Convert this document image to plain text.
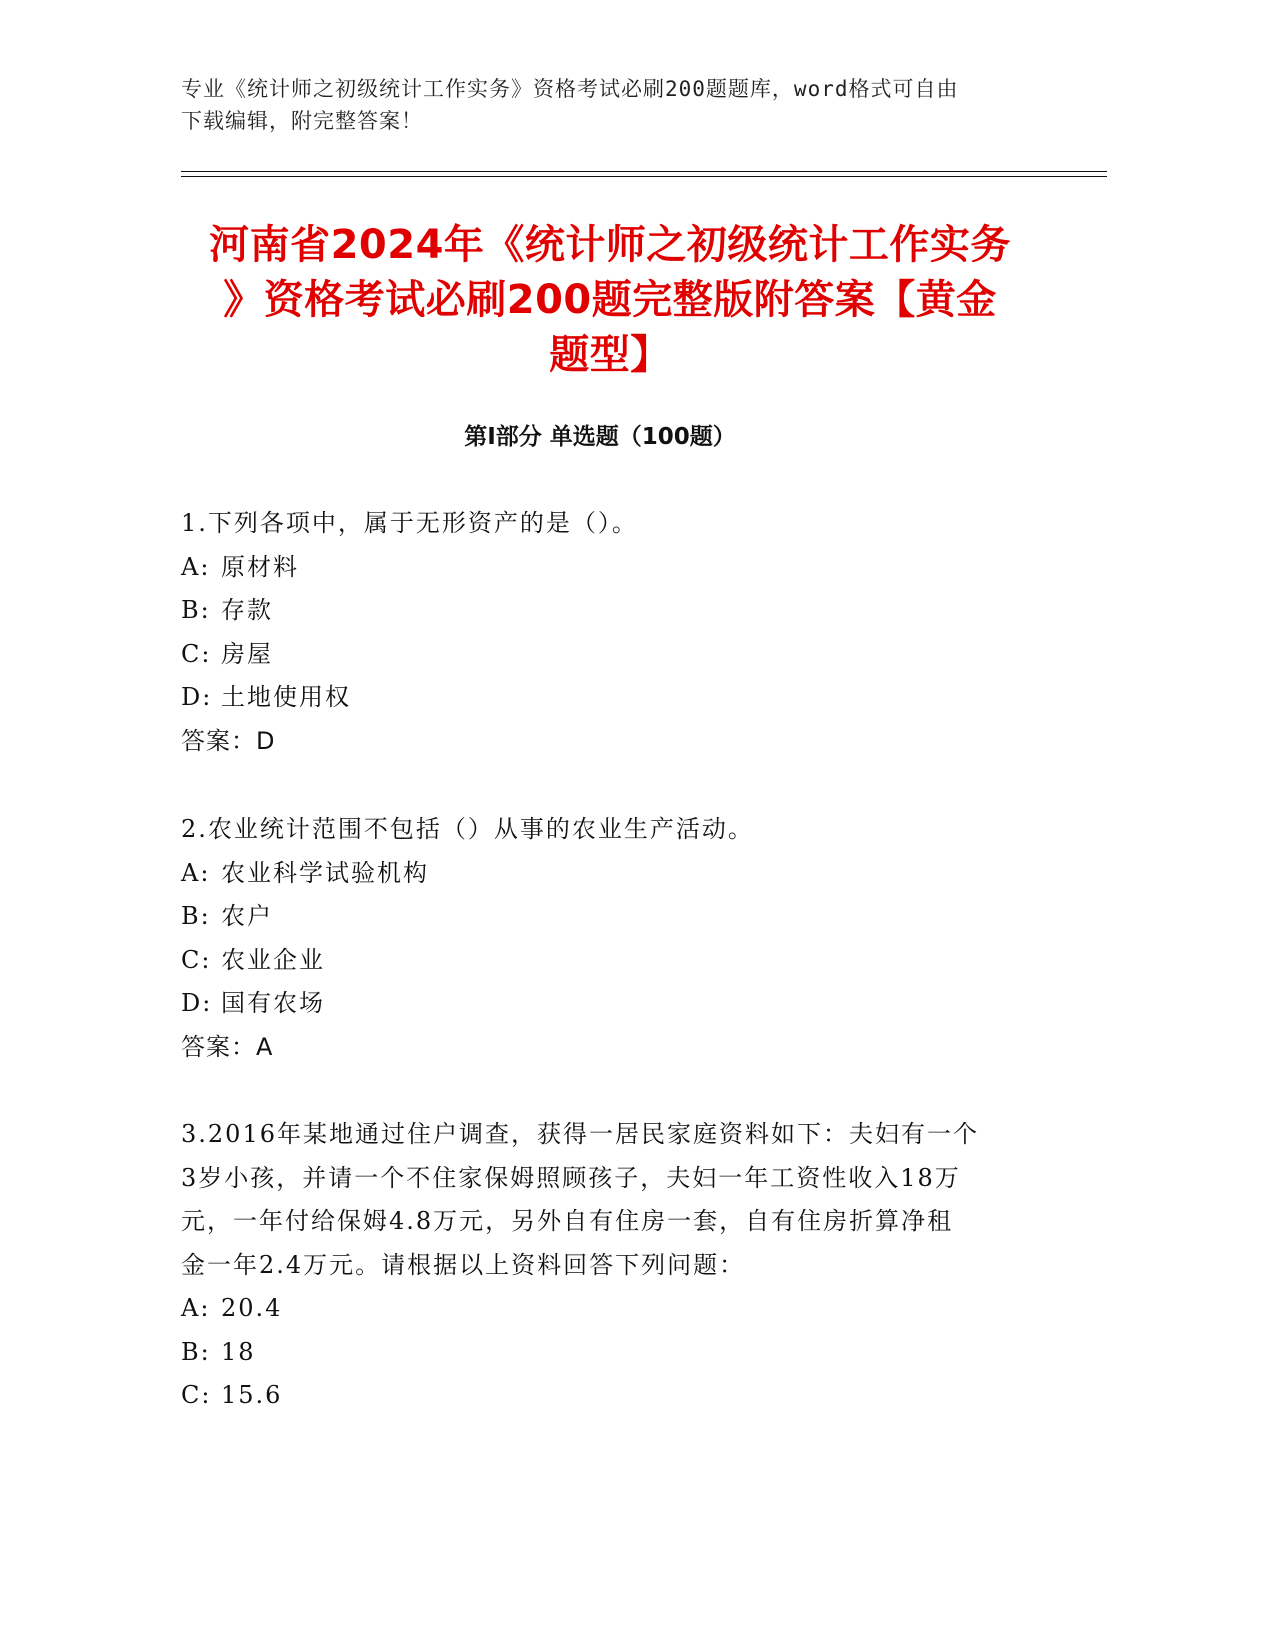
专业《统计师之初级统计工作实务》资格考试必刷200题题库，word格式可自由
下载编辑，附完整答案！
河南省2024年《统计师之初级统计工作实务
》资格考试必刷200题完整版附答案【黄金
题型】
第I部分 单选题（100题）
1.下列各项中，属于无形资产的是（）。
A: 原材料
B: 存款
C: 房屋
D: 土地使用权
答案：D
2.农业统计范围不包括（）从事的农业生产活动。
A: 农业科学试验机构
B: 农户
C: 农业企业
D: 国有农场
答案：A
3.2016年某地通过住户调查，获得一居民家庭资料如下：夫妇有一个
3岁小孩，并请一个不住家保姆照顾孩子，夫妇一年工资性收入18万
元，一年付给保姆4.8万元，另外自有住房一套，自有住房折算净租
金一年2.4万元。请根据以上资料回答下列问题：
A: 20.4
B: 18
C: 15.6
